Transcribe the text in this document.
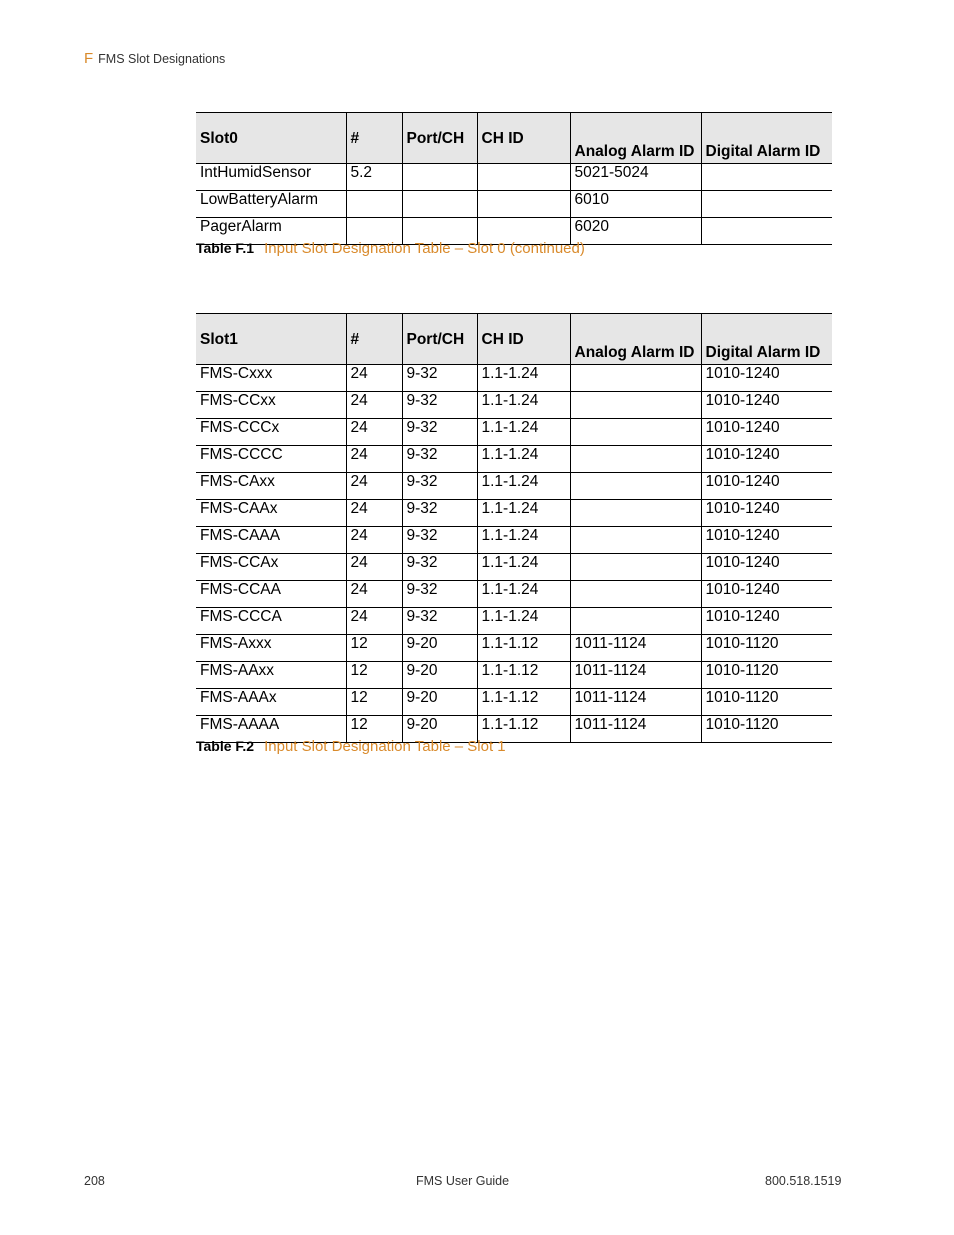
F FMS Slot Designations
Slot0	#	Port/CH	CH ID	Analog Alarm ID	Digital Alarm ID
IntHumidSensor	5.2			5021-5024	
LowBatteryAlarm				6010	
PagerAlarm				6020	
Table F.1 Input Slot Designation Table – Slot 0 (continued)
Slot1	#	Port/CH	CH ID	Analog Alarm ID	Digital Alarm ID
FMS-Cxxx	24	9-32	1.1-1.24		1010-1240
FMS-CCxx	24	9-32	1.1-1.24		1010-1240
FMS-CCCx	24	9-32	1.1-1.24		1010-1240
FMS-CCCC	24	9-32	1.1-1.24		1010-1240
FMS-CAxx	24	9-32	1.1-1.24		1010-1240
FMS-CAAx	24	9-32	1.1-1.24		1010-1240
FMS-CAAA	24	9-32	1.1-1.24		1010-1240
FMS-CCAx	24	9-32	1.1-1.24		1010-1240
FMS-CCAA	24	9-32	1.1-1.24		1010-1240
FMS-CCCA	24	9-32	1.1-1.24		1010-1240
FMS-Axxx	12	9-20	1.1-1.12	1011-1124	1010-1120
FMS-AAxx	12	9-20	1.1-1.12	1011-1124	1010-1120
FMS-AAAx	12	9-20	1.1-1.12	1011-1124	1010-1120
FMS-AAAA	12	9-20	1.1-1.12	1011-1124	1010-1120
Table F.2 Input Slot Designation Table – Slot 1
208	FMS User Guide	800.518.1519
